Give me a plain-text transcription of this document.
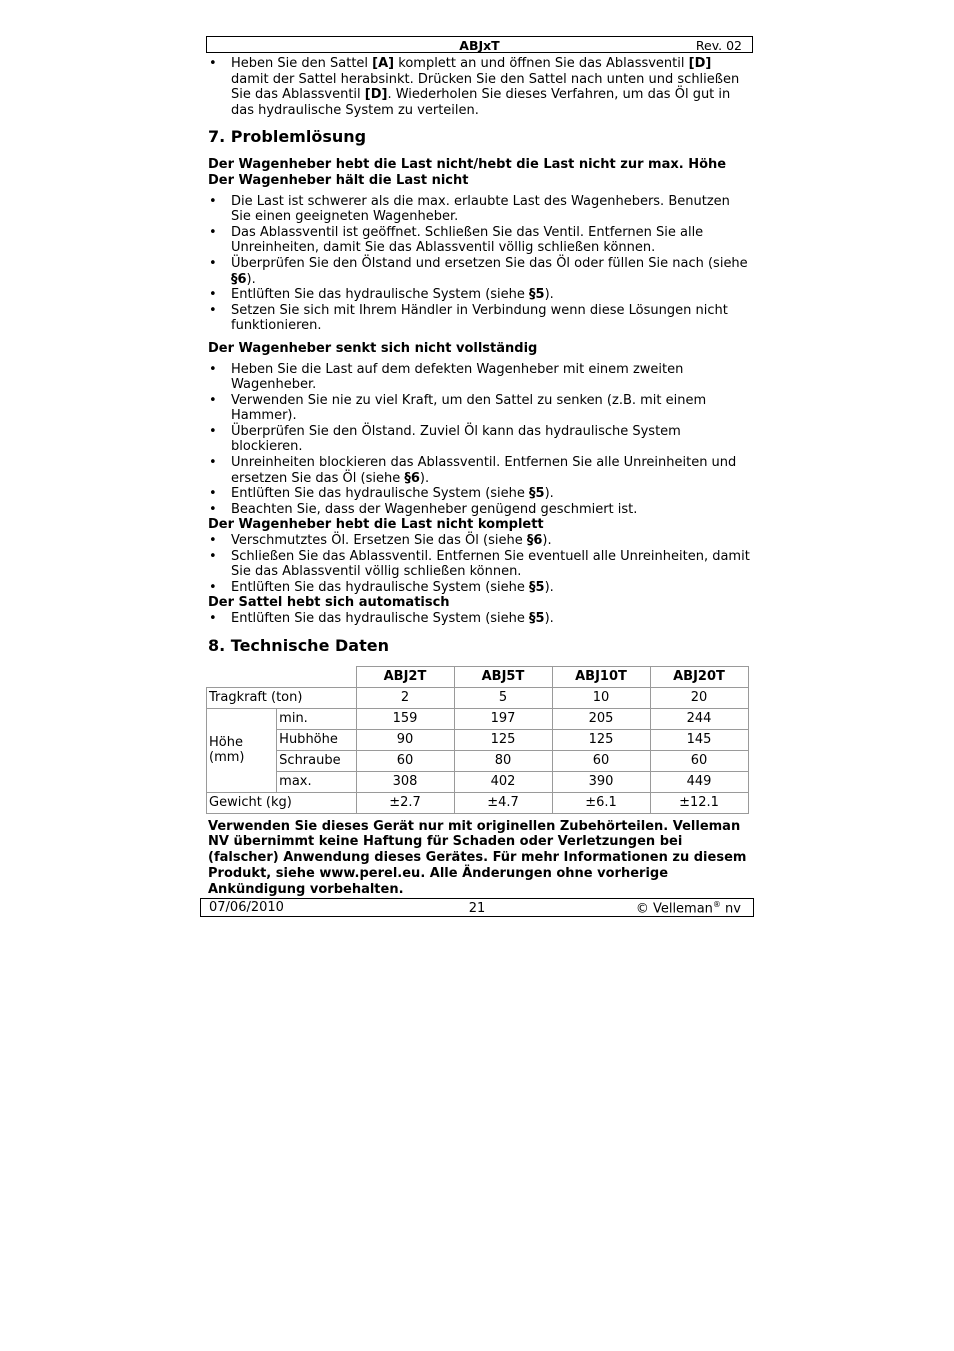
ABJxT	Rev. 02
• Heben Sie den Sattel [A] komplett an und öffnen Sie das Ablassventil [D] damit der Sattel herabsinkt. Drücken Sie den Sattel nach unten und schließen Sie das Ablassventil [D]. Wiederholen Sie dieses Verfahren, um das Öl gut in das hydraulische System zu verteilen.
7. Problemlösung
Der Wagenheber hebt die Last nicht/hebt die Last nicht zur max. Höhe
Der Wagenheber hält die Last nicht
• Die Last ist schwerer als die max. erlaubte Last des Wagenhebers. Benutzen Sie einen geeigneten Wagenheber.
• Das Ablassventil ist geöffnet. Schließen Sie das Ventil. Entfernen Sie alle Unreinheiten, damit Sie das Ablassventil völlig schließen können.
• Überprüfen Sie den Ölstand und ersetzen Sie das Öl oder füllen Sie nach (siehe §6).
• Entlüften Sie das hydraulische System (siehe §5).
• Setzen Sie sich mit Ihrem Händler in Verbindung wenn diese Lösungen nicht funktionieren.
Der Wagenheber senkt sich nicht vollständig
• Heben Sie die Last auf dem defekten Wagenheber mit einem zweiten Wagenheber.
• Verwenden Sie nie zu viel Kraft, um den Sattel zu senken (z.B. mit einem Hammer).
• Überprüfen Sie den Ölstand. Zuviel Öl kann das hydraulische System blockieren.
• Unreinheiten blockieren das Ablassventil. Entfernen Sie alle Unreinheiten und ersetzen Sie das Öl (siehe §6).
• Entlüften Sie das hydraulische System (siehe §5).
• Beachten Sie, dass der Wagenheber genügend geschmiert ist.
Der Wagenheber hebt die Last nicht komplett
• Verschmutztes Öl. Ersetzen Sie das Öl (siehe §6).
• Schließen Sie das Ablassventil. Entfernen Sie eventuell alle Unreinheiten, damit Sie das Ablassventil völlig schließen können.
• Entlüften Sie das hydraulische System (siehe §5).
Der Sattel hebt sich automatisch
• Entlüften Sie das hydraulische System (siehe §5).
8. Technische Daten
		ABJ2T	ABJ5T	ABJ10T	ABJ20T
Tragkraft (ton)		2	5	10	20
Höhe
(mm)	min.	159	197	205	244
	Hubhöhe	90	125	125	145
	Schraube	60	80	60	60
	max.	308	402	390	449
Gewicht (kg)		±2.7	±4.7	±6.1	±12.1
Verwenden Sie dieses Gerät nur mit originellen Zubehörteilen. Velleman NV übernimmt keine Haftung für Schaden oder Verletzungen bei (falscher) Anwendung dieses Gerätes. Für mehr Informationen zu diesem Produkt, siehe www.perel.eu. Alle Änderungen ohne vorherige Ankündigung vorbehalten.
07/06/2010	21	© Velleman® nv
